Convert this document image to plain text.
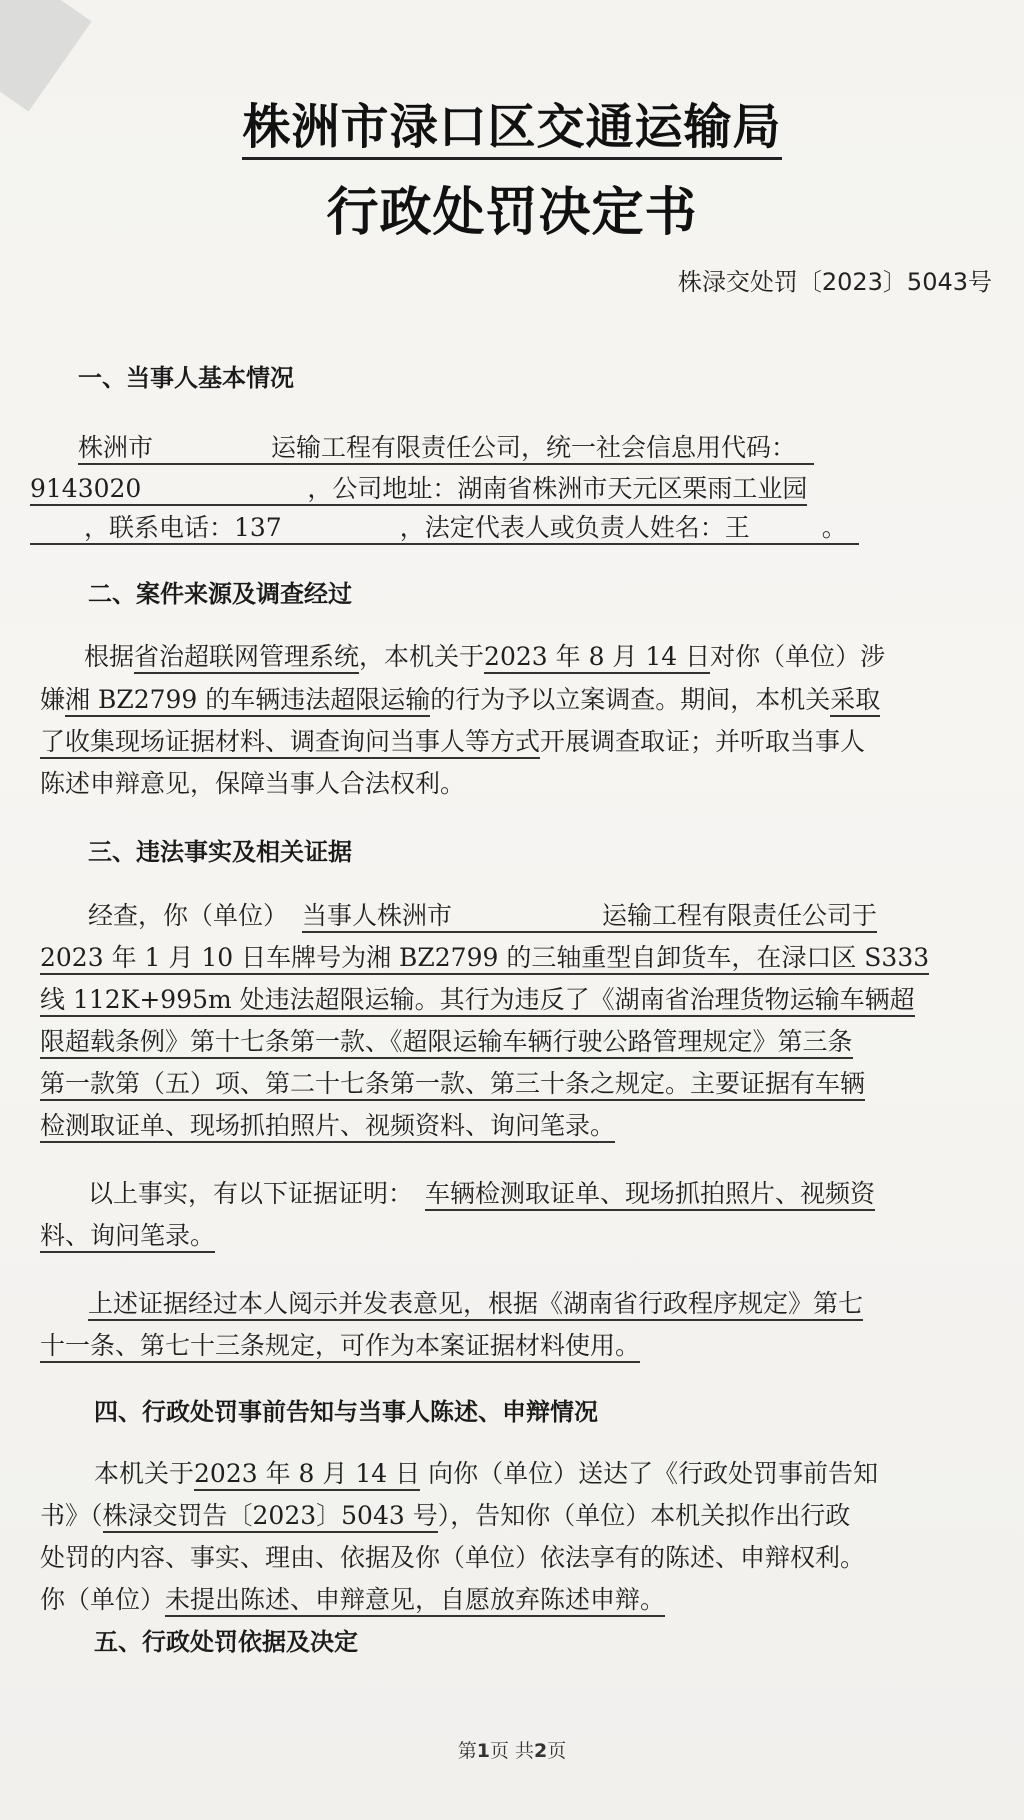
株洲市渌口区交通运输局
行政处罚决定书
株渌交处罚〔2023〕5043号
一、当事人基本情况
株洲市	运输工程有限责任公司，统一社会信息用代码：
9143020	，公司地址：湖南省株洲市天元区栗雨工业园
，联系电话：137	，法定代表人或负责人姓名：王	。
二、案件来源及调查经过
根据省治超联网管理系统，本机关于2023 年 8 月 14 日对你（单位）涉
嫌湘 BZ2799 的车辆违法超限运输的行为予以立案调查。期间，本机关采取
了收集现场证据材料、调查询问当事人等方式开展调查取证；并听取当事人
陈述申辩意见，保障当事人合法权利。
三、违法事实及相关证据
经查，你（单位） 当事人株洲市	运输工程有限责任公司于
2023 年 1 月 10 日车牌号为湘 BZ2799 的三轴重型自卸货车，在渌口区 S333
线 112K+995m 处违法超限运输。其行为违反了《湖南省治理货物运输车辆超
限超载条例》第十七条第一款、《超限运输车辆行驶公路管理规定》第三条
第一款第（五）项、第二十七条第一款、第三十条之规定。主要证据有车辆
检测取证单、现场抓拍照片、视频资料、询问笔录。
以上事实，有以下证据证明： 车辆检测取证单、现场抓拍照片、视频资
料、询问笔录。
上述证据经过本人阅示并发表意见，根据《湖南省行政程序规定》第七
十一条、第七十三条规定，可作为本案证据材料使用。
四、行政处罚事前告知与当事人陈述、申辩情况
本机关于2023 年 8 月 14 日 向你（单位）送达了《行政处罚事前告知
书》（株渌交罚告〔2023〕5043 号），告知你（单位）本机关拟作出行政
处罚的内容、事实、理由、依据及你（单位）依法享有的陈述、申辩权利。
你（单位）未提出陈述、申辩意见，自愿放弃陈述申辩。
五、行政处罚依据及决定
第1页 共2页
